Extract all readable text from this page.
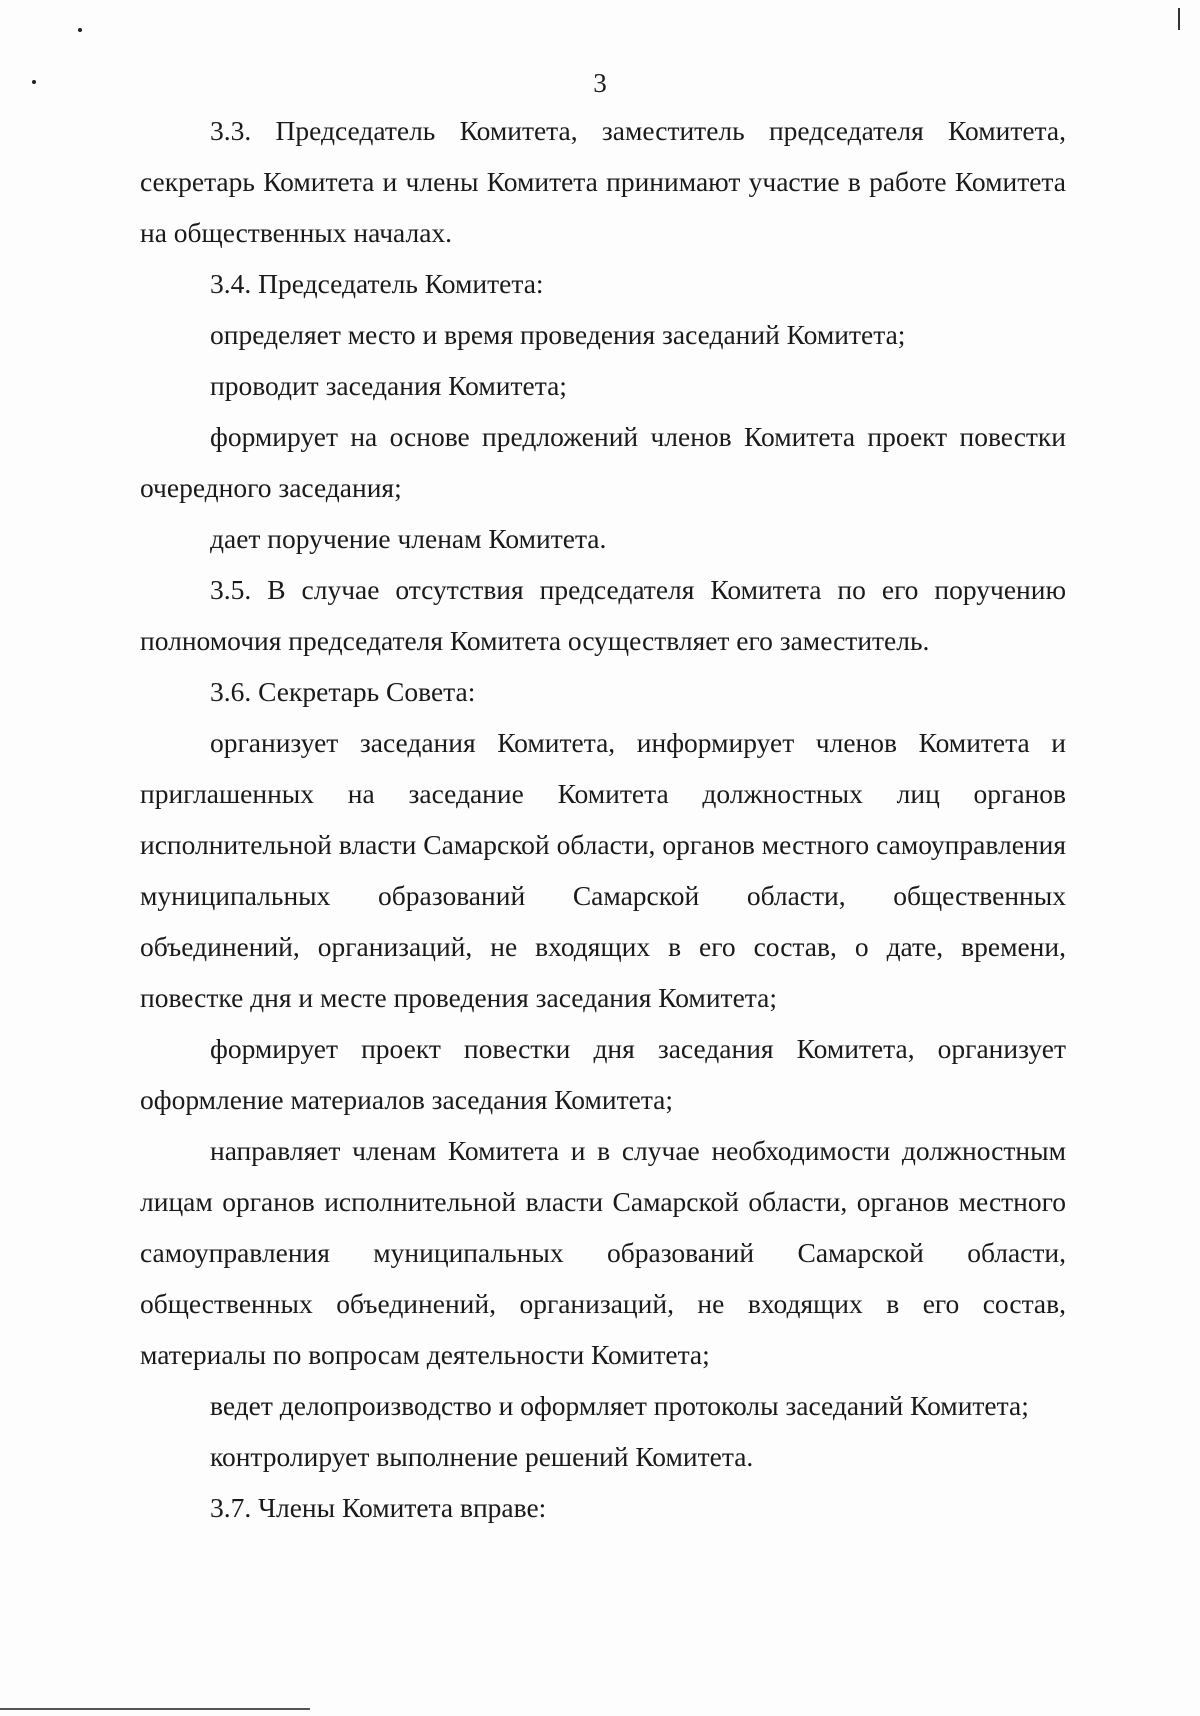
3

3.3. Председатель Комитета, заместитель председателя Комитета, секретарь Комитета и члены Комитета принимают участие в работе Комитета на общественных началах.

3.4. Председатель Комитета:

определяет место и время проведения заседаний Комитета;

проводит заседания Комитета;

формирует на основе предложений членов Комитета проект повестки очередного заседания;

дает поручение членам Комитета.

3.5. В случае отсутствия председателя Комитета по его поручению полномочия председателя Комитета осуществляет его заместитель.

3.6. Секретарь Совета:

организует заседания Комитета, информирует членов Комитета и приглашенных на заседание Комитета должностных лиц органов исполнительной власти Самарской области, органов местного самоуправления муниципальных образований Самарской области, общественных объединений, организаций, не входящих в его состав, о дате, времени, повестке дня и месте проведения заседания Комитета;

формирует проект повестки дня заседания Комитета, организует оформление материалов заседания Комитета;

направляет членам Комитета и в случае необходимости должностным лицам органов исполнительной власти Самарской области, органов местного самоуправления муниципальных образований Самарской области, общественных объединений, организаций, не входящих в его состав, материалы по вопросам деятельности Комитета;

ведет делопроизводство и оформляет протоколы заседаний Комитета;

контролирует выполнение решений Комитета.

3.7. Члены Комитета вправе:
